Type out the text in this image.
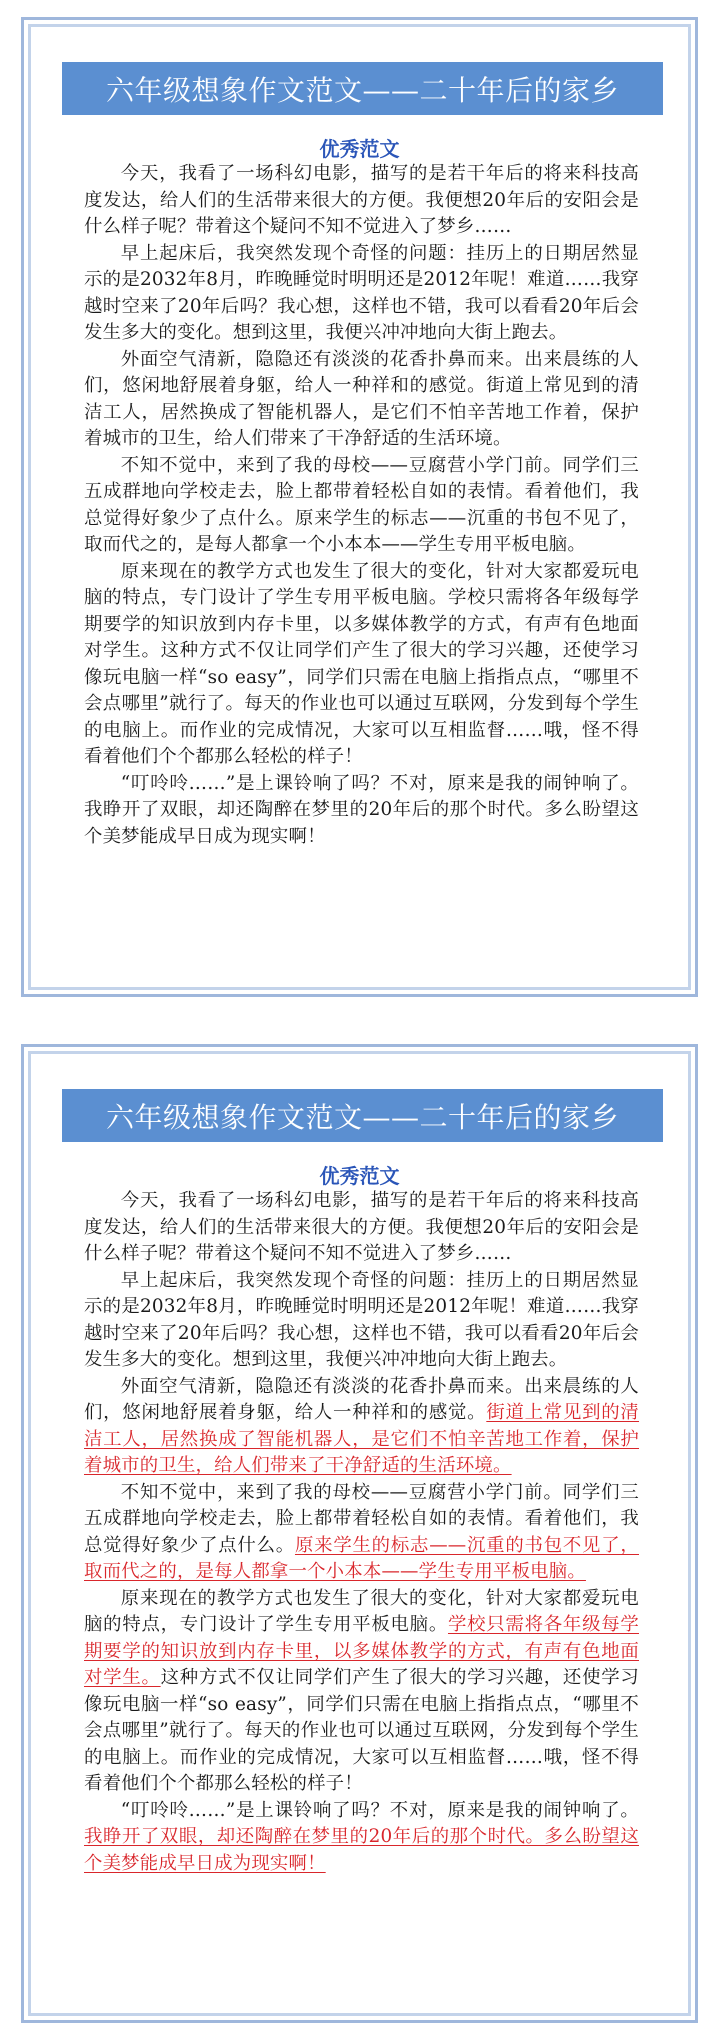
六年级想象作文范文——二十年后的家乡
优秀范文

今天，我看了一场科幻电影，描写的是若干年后的将来科技高度发达，给人们的生活带来很大的方便。我便想20年后的安阳会是什么样子呢？带着这个疑问不知不觉进入了梦乡……

早上起床后，我突然发现个奇怪的问题：挂历上的日期居然显示的是2032年8月，昨晚睡觉时明明还是2012年呢！难道……我穿越时空来了20年后吗？我心想，这样也不错，我可以看看20年后会发生多大的变化。想到这里，我便兴冲冲地向大街上跑去。

外面空气清新，隐隐还有淡淡的花香扑鼻而来。出来晨练的人们，悠闲地舒展着身躯，给人一种祥和的感觉。街道上常见到的清洁工人，居然换成了智能机器人，是它们不怕辛苦地工作着，保护着城市的卫生，给人们带来了干净舒适的生活环境。

不知不觉中，来到了我的母校——豆腐营小学门前。同学们三五成群地向学校走去，脸上都带着轻松自如的表情。看着他们，我总觉得好象少了点什么。原来学生的标志——沉重的书包不见了，取而代之的，是每人都拿一个小本本——学生专用平板电脑。

原来现在的教学方式也发生了很大的变化，针对大家都爱玩电脑的特点，专门设计了学生专用平板电脑。学校只需将各年级每学期要学的知识放到内存卡里，以多媒体教学的方式，有声有色地面对学生。这种方式不仅让同学们产生了很大的学习兴趣，还使学习像玩电脑一样“so easy”，同学们只需在电脑上指指点点，“哪里不会点哪里”就行了。每天的作业也可以通过互联网，分发到每个学生的电脑上。而作业的完成情况，大家可以互相监督……哦，怪不得看着他们个个都那么轻松的样子！

“叮呤呤……”是上课铃响了吗？不对，原来是我的闹钟响了。我睁开了双眼，却还陶醉在梦里的20年后的那个时代。多么盼望这个美梦能成早日成为现实啊！

六年级想象作文范文——二十年后的家乡
优秀范文

今天，我看了一场科幻电影，描写的是若干年后的将来科技高度发达，给人们的生活带来很大的方便。我便想20年后的安阳会是什么样子呢？带着这个疑问不知不觉进入了梦乡……

早上起床后，我突然发现个奇怪的问题：挂历上的日期居然显示的是2032年8月，昨晚睡觉时明明还是2012年呢！难道……我穿越时空来了20年后吗？我心想，这样也不错，我可以看看20年后会发生多大的变化。想到这里，我便兴冲冲地向大街上跑去。

外面空气清新，隐隐还有淡淡的花香扑鼻而来。出来晨练的人们，悠闲地舒展着身躯，给人一种祥和的感觉。街道上常见到的清洁工人，居然换成了智能机器人，是它们不怕辛苦地工作着，保护着城市的卫生，给人们带来了干净舒适的生活环境。

不知不觉中，来到了我的母校——豆腐营小学门前。同学们三五成群地向学校走去，脸上都带着轻松自如的表情。看着他们，我总觉得好象少了点什么。原来学生的标志——沉重的书包不见了，取而代之的，是每人都拿一个小本本——学生专用平板电脑。

原来现在的教学方式也发生了很大的变化，针对大家都爱玩电脑的特点，专门设计了学生专用平板电脑。学校只需将各年级每学期要学的知识放到内存卡里，以多媒体教学的方式，有声有色地面对学生。这种方式不仅让同学们产生了很大的学习兴趣，还使学习像玩电脑一样“so easy”，同学们只需在电脑上指指点点，“哪里不会点哪里”就行了。每天的作业也可以通过互联网，分发到每个学生的电脑上。而作业的完成情况，大家可以互相监督……哦，怪不得看着他们个个都那么轻松的样子！

“叮呤呤……”是上课铃响了吗？不对，原来是我的闹钟响了。我睁开了双眼，却还陶醉在梦里的20年后的那个时代。多么盼望这个美梦能成早日成为现实啊！
